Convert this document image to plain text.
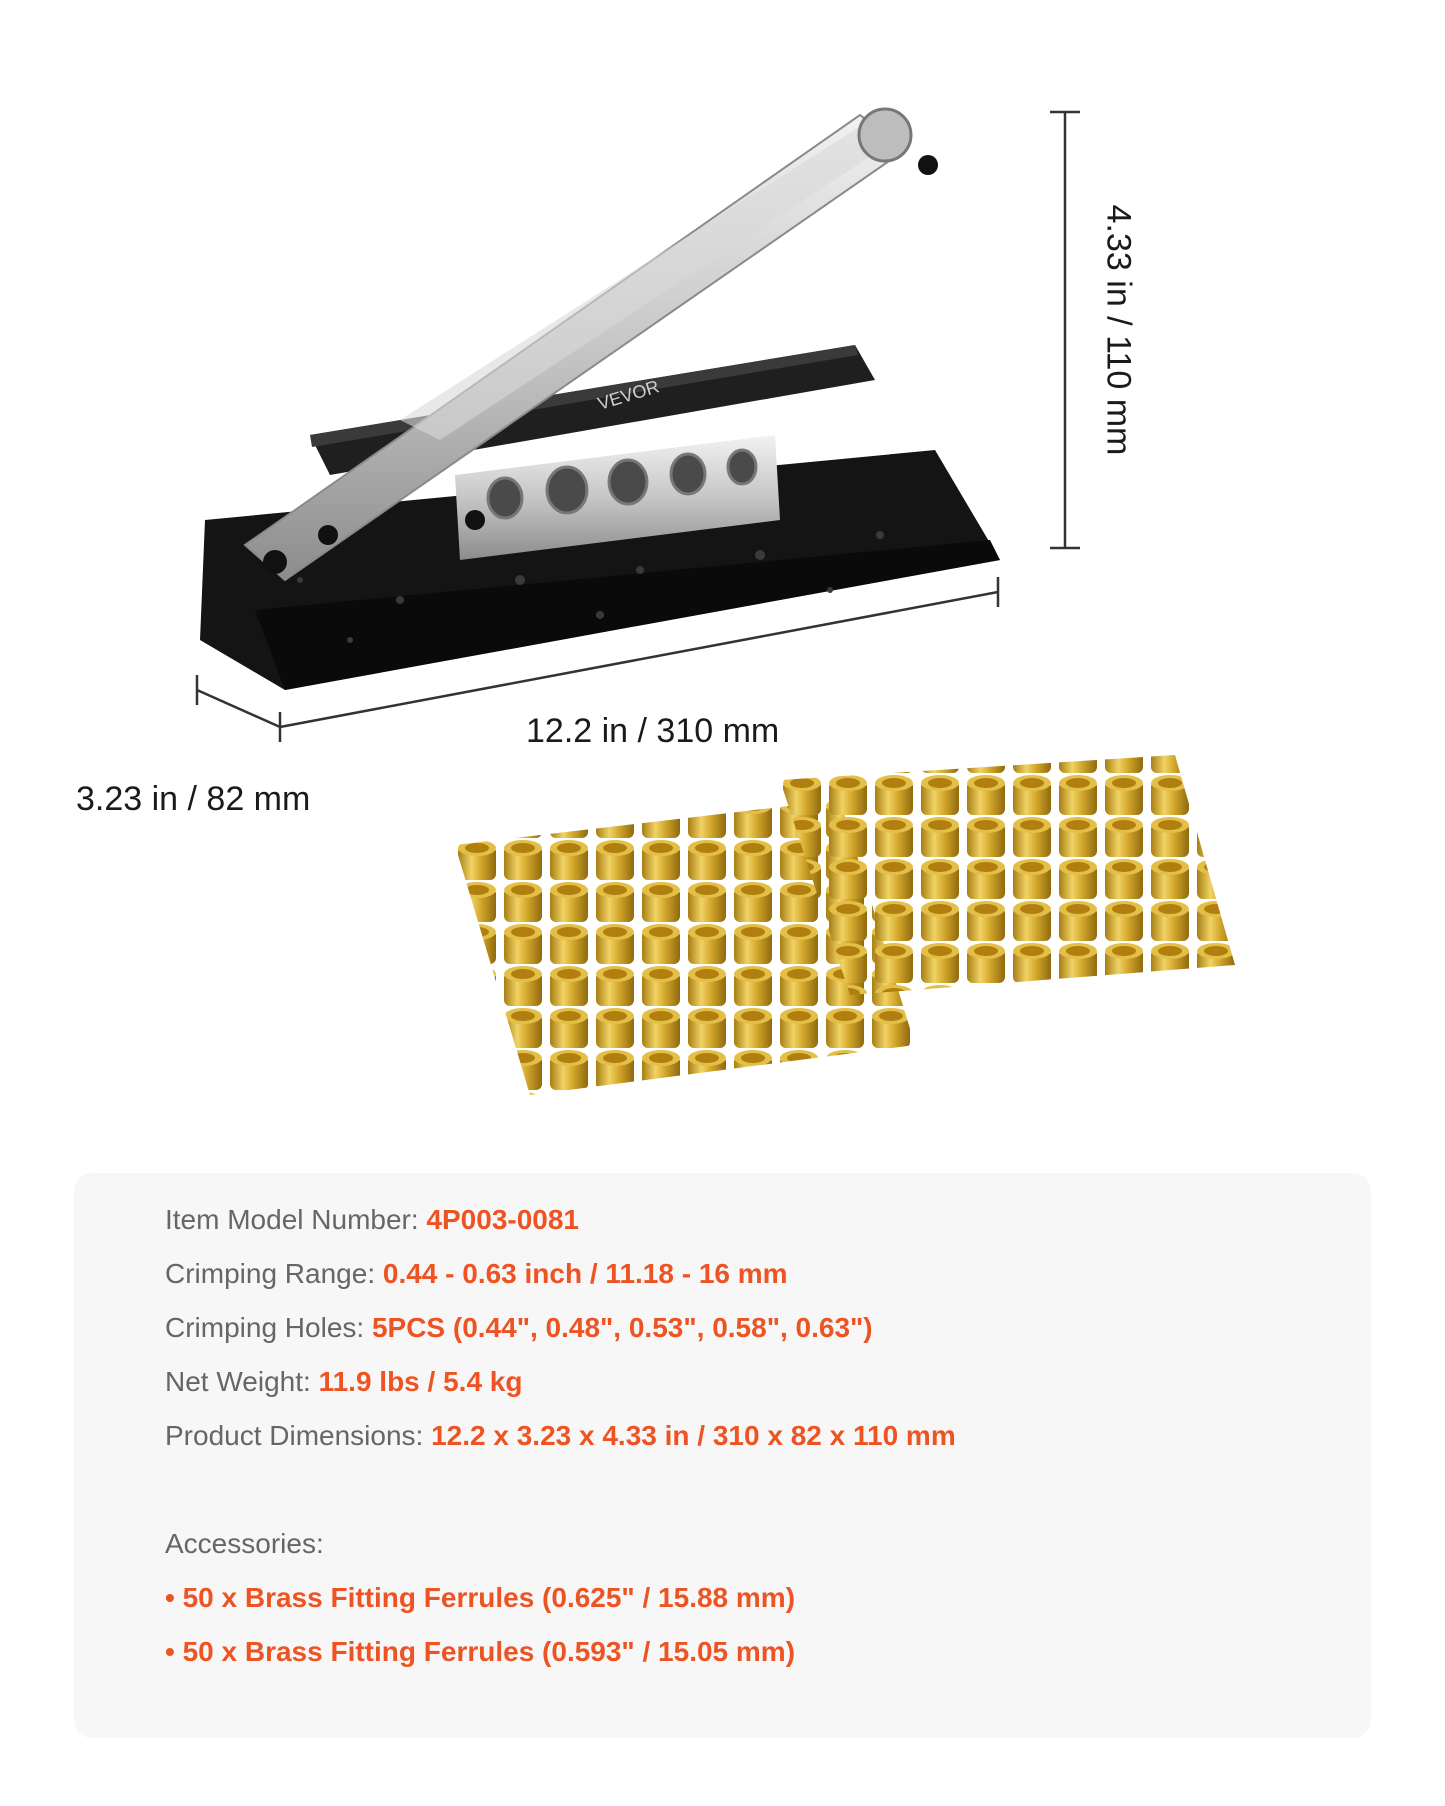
VEVOR
12.2 in / 310 mm
3.23 in / 82 mm
4.33 in / 110 mm
Item Model Number: 4P003-0081
Crimping Range: 0.44 - 0.63 inch / 11.18 - 16 mm
Crimping Holes: 5PCS (0.44", 0.48", 0.53", 0.58", 0.63")
Net Weight: 11.9 lbs / 5.4 kg
Product Dimensions: 12.2 x 3.23 x 4.33 in / 310 x 82 x 110 mm
Accessories:
• 50 x Brass Fitting Ferrules (0.625" / 15.88 mm)
• 50 x Brass Fitting Ferrules (0.593" / 15.05 mm)
